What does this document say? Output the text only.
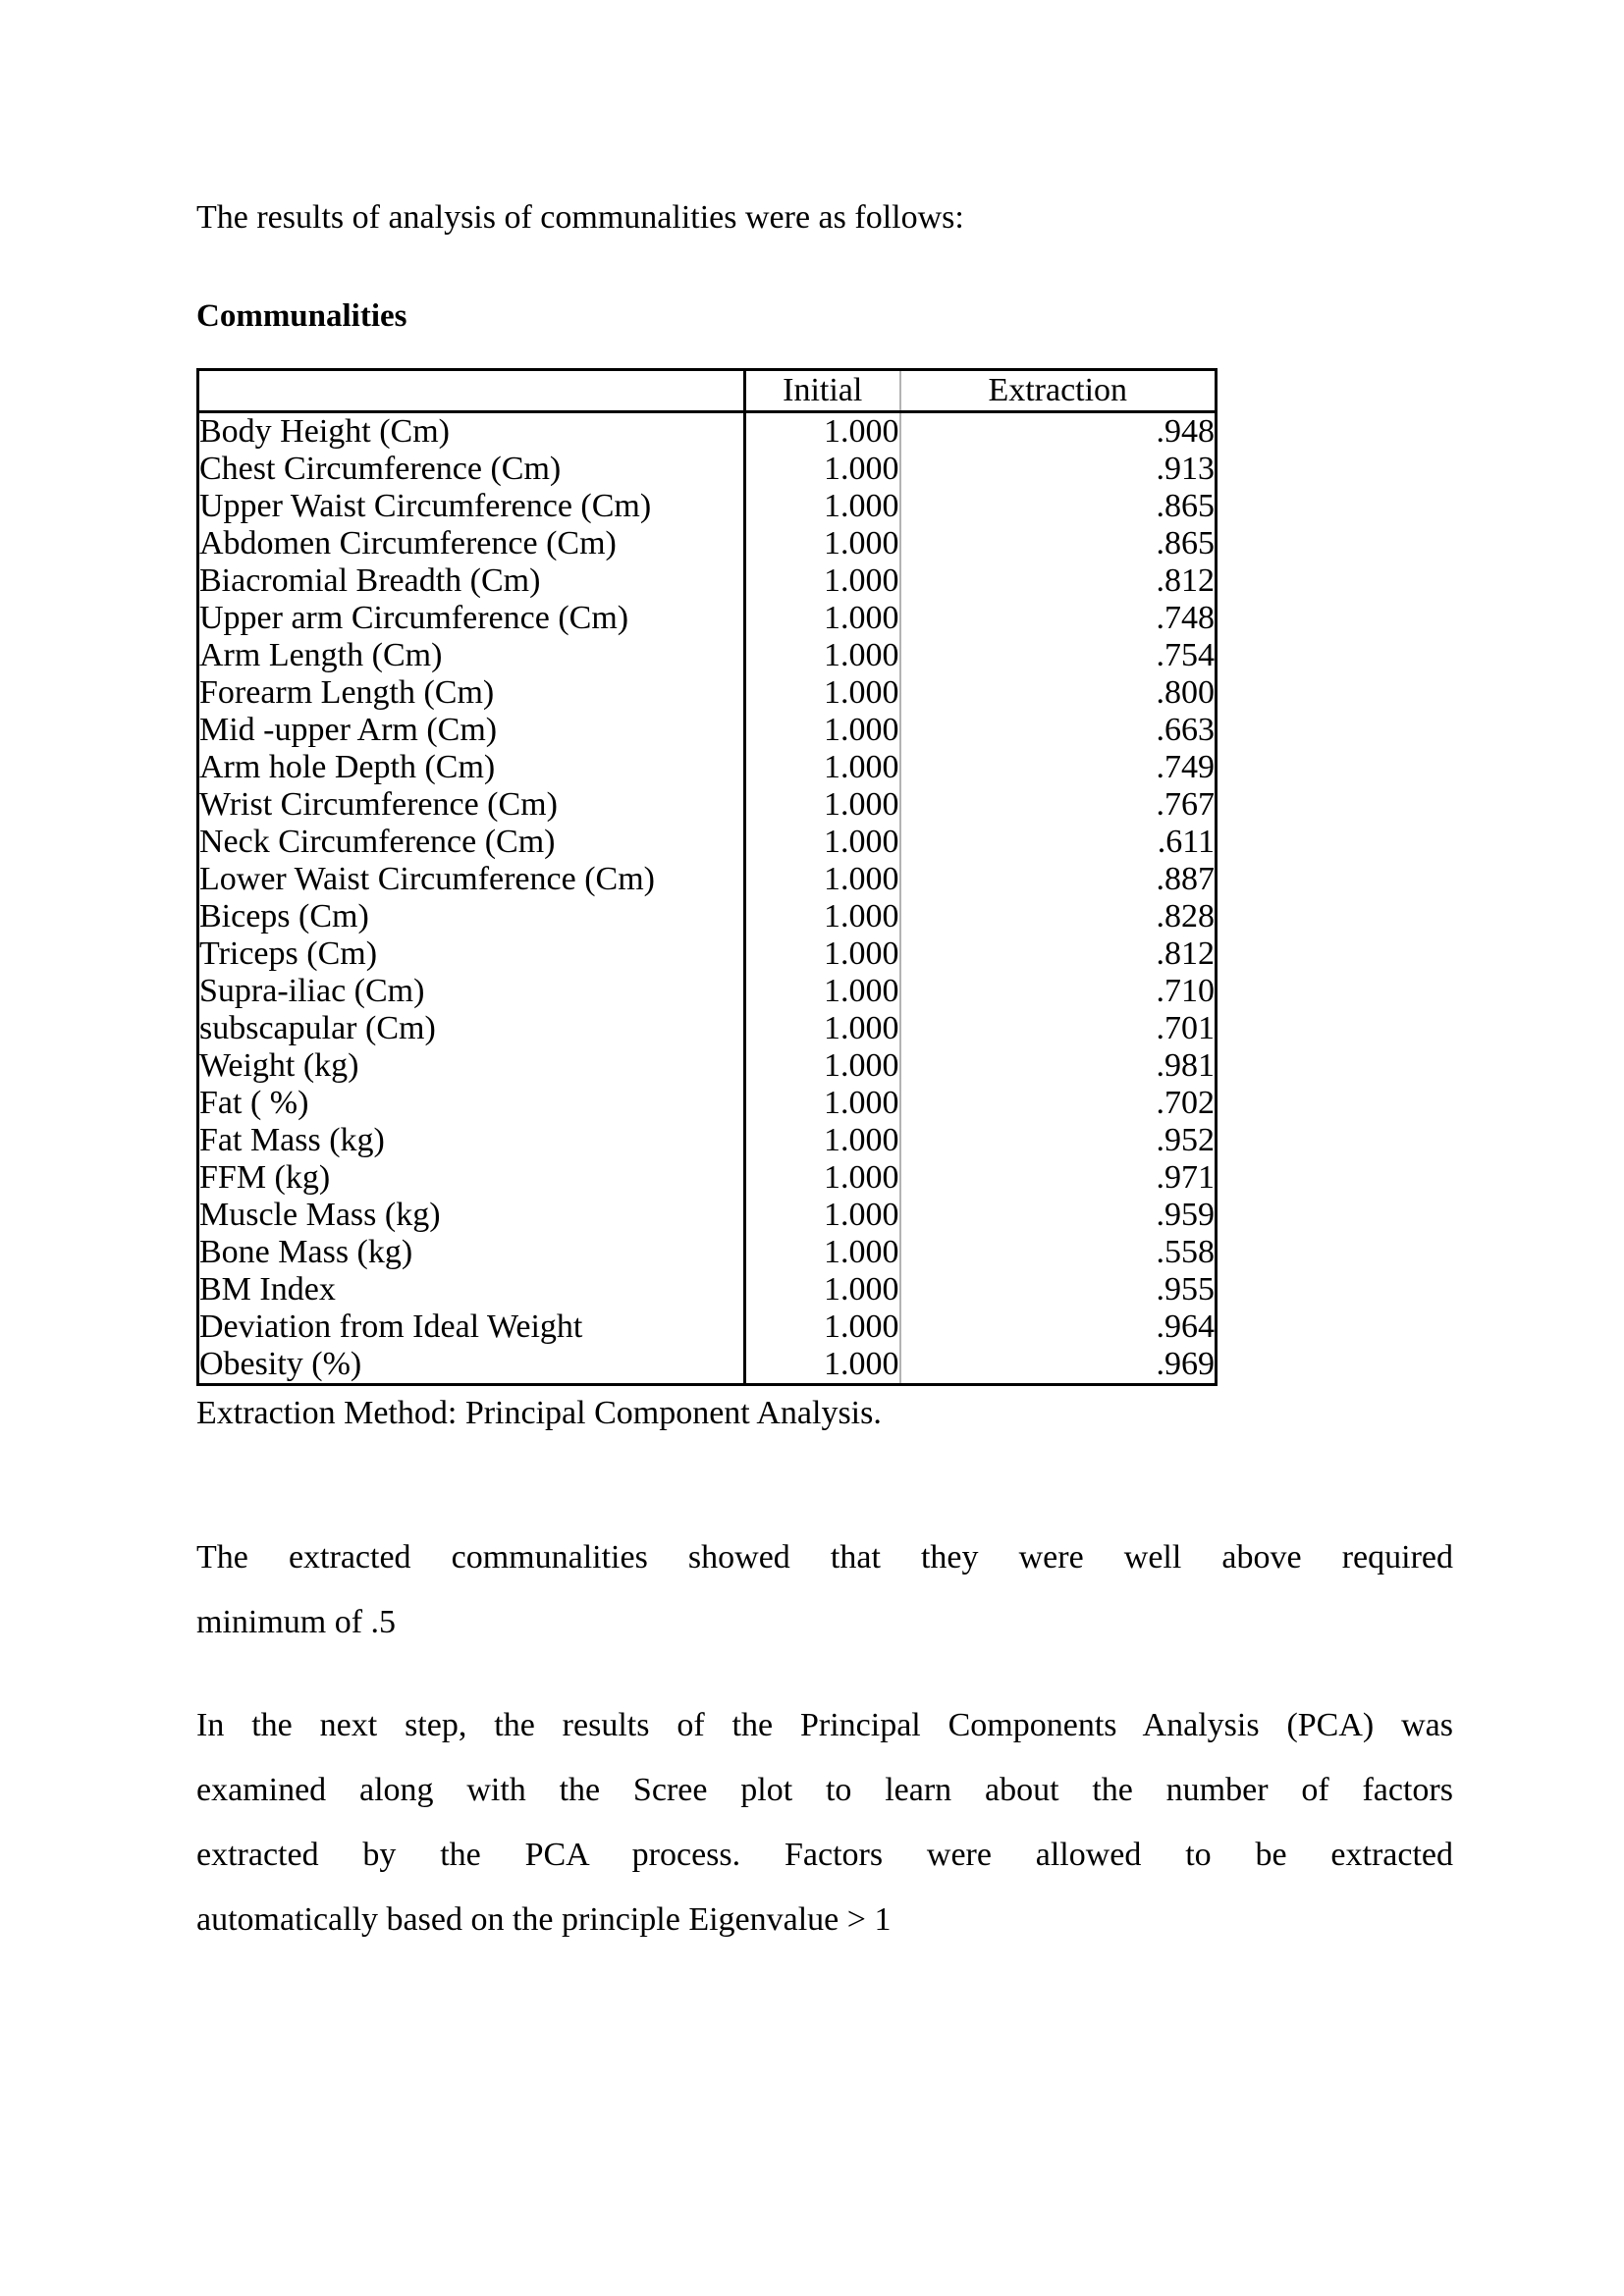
The results of analysis of communalities were as follows:
Communalities
	Initial	Extraction
Body Height (Cm)	1.000	.948
Chest Circumference (Cm)	1.000	.913
Upper Waist Circumference (Cm)	1.000	.865
Abdomen Circumference (Cm)	1.000	.865
Biacromial Breadth (Cm)	1.000	.812
Upper arm Circumference (Cm)	1.000	.748
Arm Length (Cm)	1.000	.754
Forearm Length (Cm)	1.000	.800
Mid -upper Arm (Cm)	1.000	.663
Arm hole Depth (Cm)	1.000	.749
Wrist Circumference (Cm)	1.000	.767
Neck Circumference (Cm)	1.000	.611
Lower Waist Circumference (Cm)	1.000	.887
Biceps (Cm)	1.000	.828
Triceps (Cm)	1.000	.812
Supra-iliac (Cm)	1.000	.710
subscapular (Cm)	1.000	.701
Weight (kg)	1.000	.981
Fat ( %)	1.000	.702
Fat Mass (kg)	1.000	.952
FFM (kg)	1.000	.971
Muscle Mass (kg)	1.000	.959
Bone Mass (kg)	1.000	.558
BM Index	1.000	.955
Deviation from Ideal Weight	1.000	.964
Obesity (%)	1.000	.969
Extraction Method: Principal Component Analysis.
The extracted communalities showed that they were well above required
minimum of .5
In the next step, the results of the Principal Components Analysis (PCA) was
examined along with the Scree plot to learn about the number of factors
extracted by the PCA process. Factors were allowed to be extracted
automatically based on the principle Eigenvalue > 1
